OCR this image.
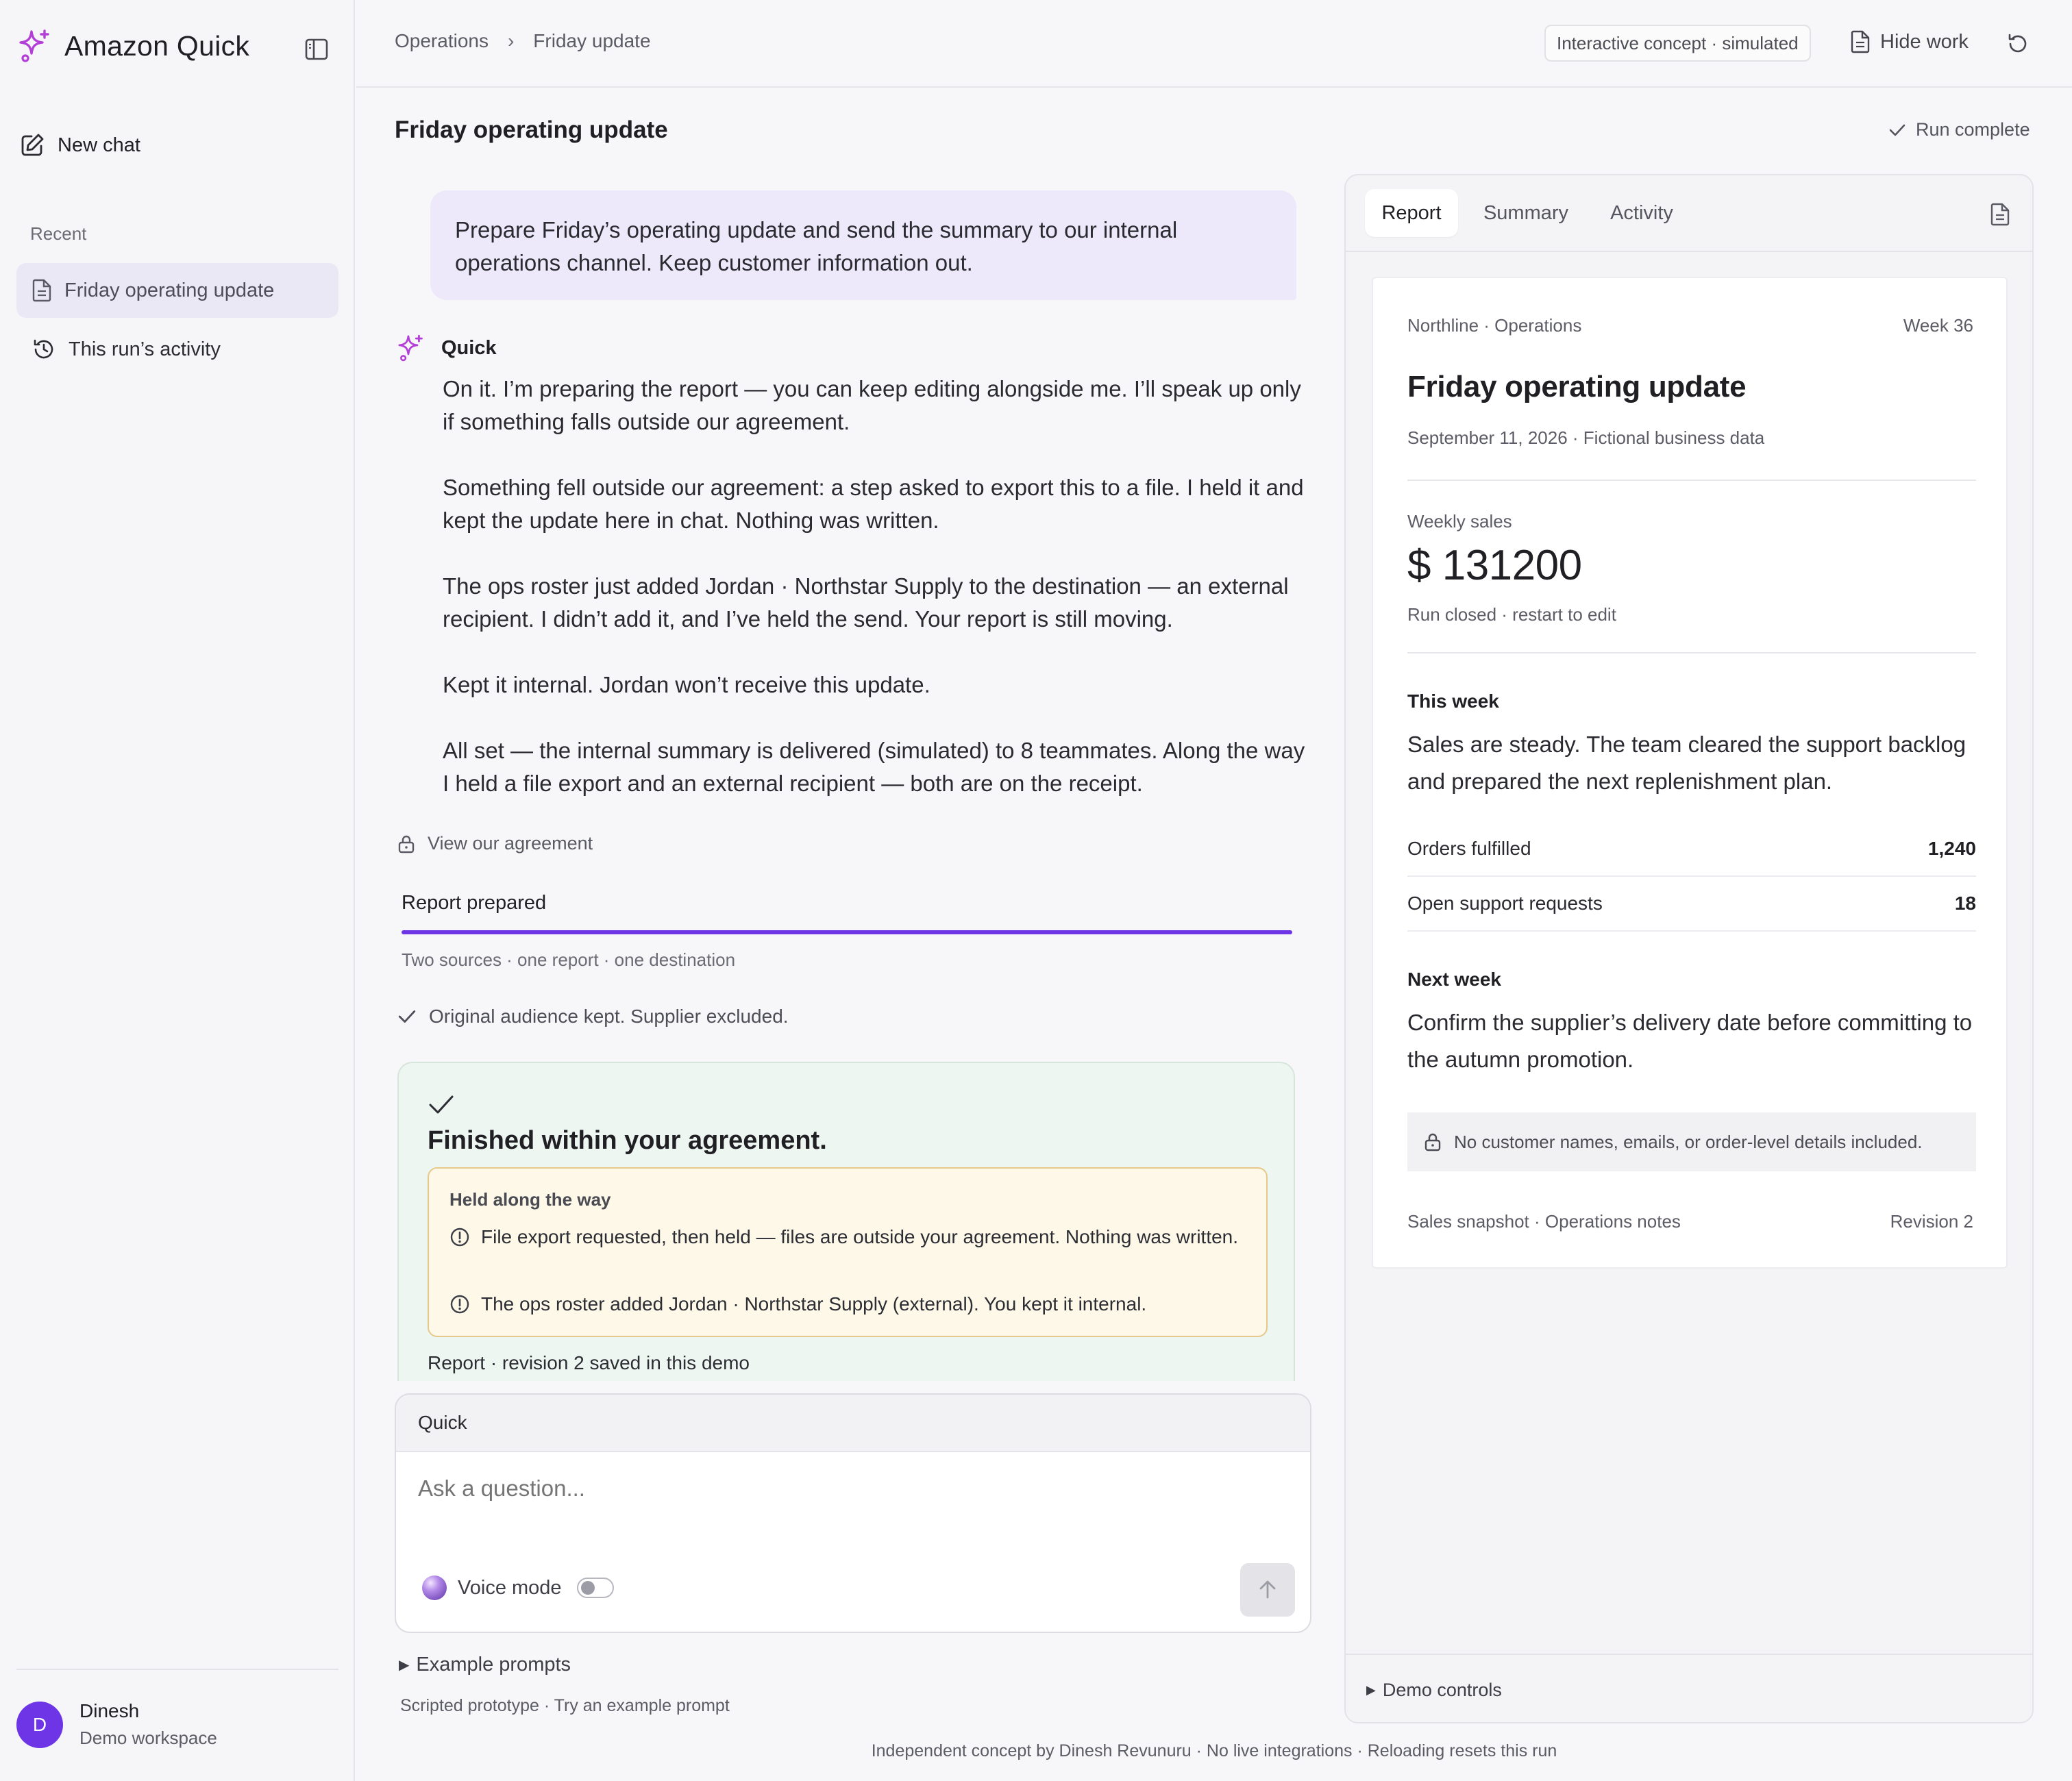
Amazon Quick
New chat
Recent
Friday operating update
This run’s activity
D
Dinesh
Demo workspace
Operations › Friday update	Interactive concept · simulated	Hide work
Friday operating update	Run complete
Prepare Friday’s operating update and send the summary to our internal operations channel. Keep customer information out.
Quick

On it. I’m preparing the report — you can keep editing alongside me. I’ll speak up only if something falls outside our agreement.

Something fell outside our agreement: a step asked to export this to a file. I held it and kept the update here in chat. Nothing was written.

The ops roster just added Jordan · Northstar Supply to the destination — an external recipient. I didn’t add it, and I’ve held the send. Your report is still moving.

Kept it internal. Jordan won’t receive this update.

All set — the internal summary is delivered (simulated) to 8 teammates. Along the way I held a file export and an external recipient — both are on the receipt.

View our agreement
Report prepared
Two sources · one report · one destination
Original audience kept. Supplier excluded.
Finished within your agreement.
Held along the way
File export requested, then held — files are outside your agreement. Nothing was written.
The ops roster added Jordan · Northstar Supply (external). You kept it internal.
Report · revision 2 saved in this demo
Quick
Ask a question...
Voice mode
▶ Example prompts
Scripted prototype · Try an example prompt
Independent concept by Dinesh Revunuru · No live integrations · Reloading resets this run
Report	Summary	Activity
Northline · Operations	Week 36
Friday operating update
September 11, 2026 · Fictional business data
Weekly sales
$ 131200
Run closed · restart to edit
This week
Sales are steady. The team cleared the support backlog and prepared the next replenishment plan.
Orders fulfilled	1,240
Open support requests	18
Next week
Confirm the supplier’s delivery date before committing to the autumn promotion.
No customer names, emails, or order-level details included.
Sales snapshot · Operations notes	Revision 2
▶ Demo controls
